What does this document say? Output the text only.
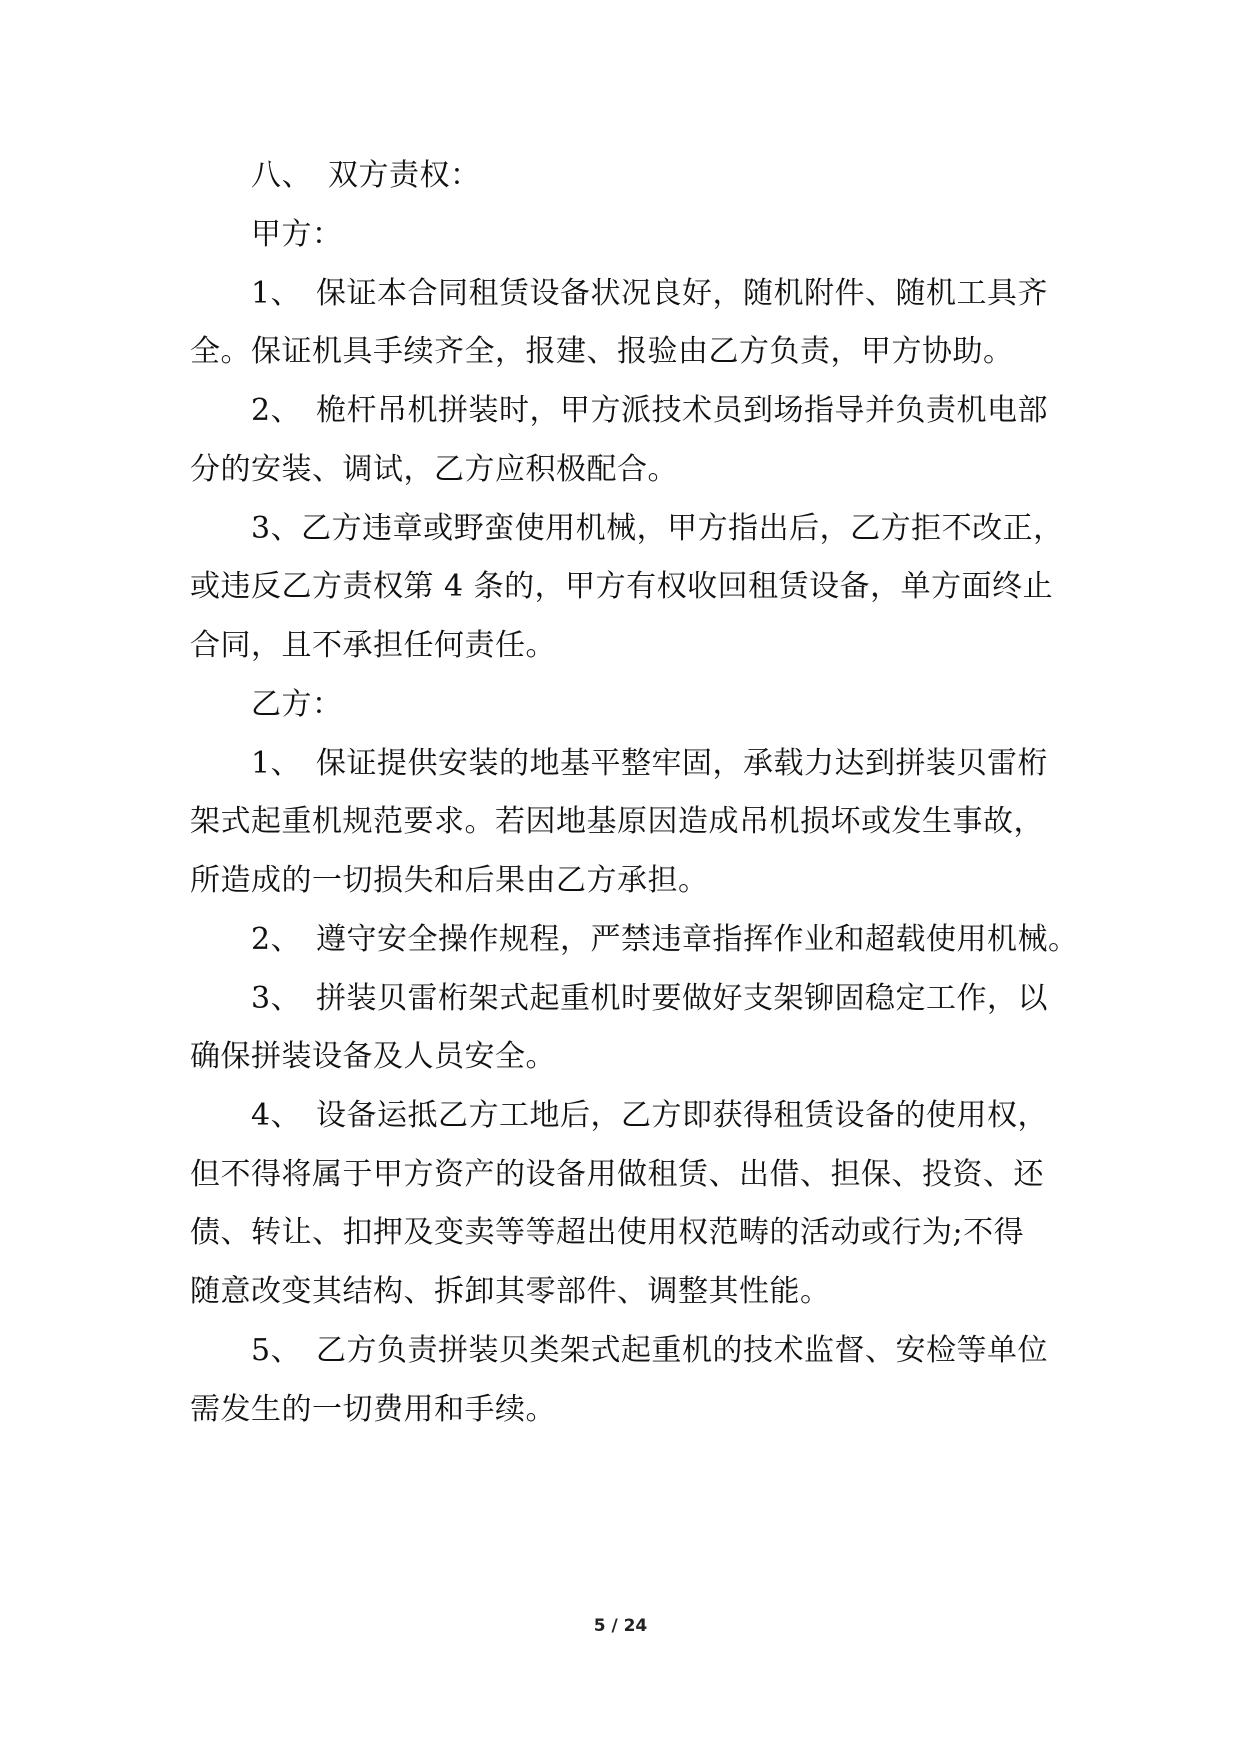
八、 双方责权：
甲方：
1、 保证本合同租赁设备状况良好，随机附件、随机工具齐
全。保证机具手续齐全，报建、报验由乙方负责，甲方协助。
2、 桅杆吊机拼装时，甲方派技术员到场指导并负责机电部
分的安装、调试，乙方应积极配合。
3、乙方违章或野蛮使用机械，甲方指出后，乙方拒不改正，
或违反乙方责权第 4 条的，甲方有权收回租赁设备，单方面终止
合同，且不承担任何责任。
乙方：
1、 保证提供安装的地基平整牢固，承载力达到拼装贝雷桁
架式起重机规范要求。若因地基原因造成吊机损坏或发生事故，
所造成的一切损失和后果由乙方承担。
2、 遵守安全操作规程，严禁违章指挥作业和超载使用机械。
3、 拼装贝雷桁架式起重机时要做好支架铆固稳定工作，以
确保拼装设备及人员安全。
4、 设备运抵乙方工地后，乙方即获得租赁设备的使用权，
但不得将属于甲方资产的设备用做租赁、出借、担保、投资、还
债、转让、扣押及变卖等等超出使用权范畴的活动或行为;不得
随意改变其结构、拆卸其零部件、调整其性能。
5、 乙方负责拼装贝类架式起重机的技术监督、安检等单位
需发生的一切费用和手续。
5 / 24
